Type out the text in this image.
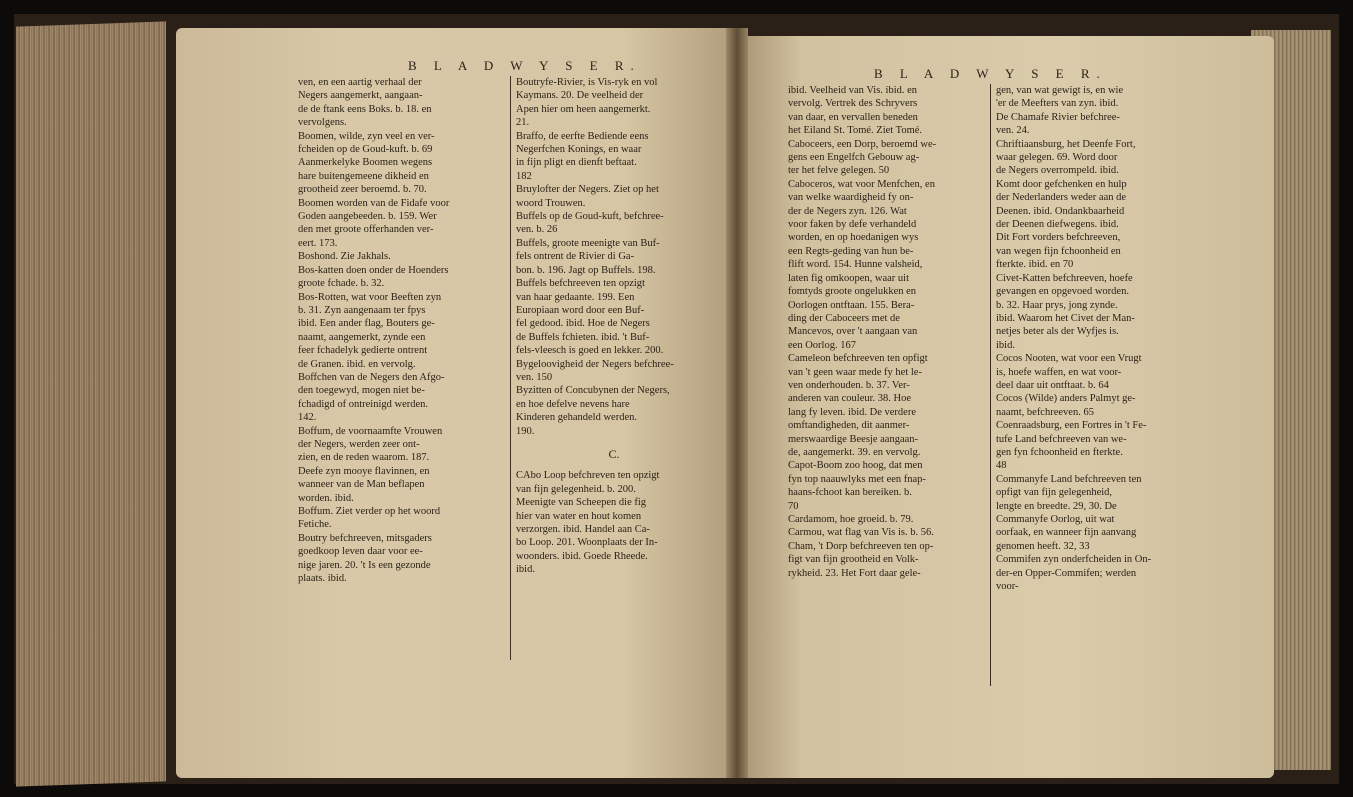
B L A D W Y S E R.
B L A D W Y S E R.

ven, en een aartig verhaal der

Negers aangemerkt, aangaan-

de de ftank eens Boks. b. 18. en

vervolgens.

Boomen, wilde, zyn veel en ver-

fcheiden op de Goud-kuft. b. 69

Aanmerkelyke Boomen wegens

hare buitengemeene dikheid en

grootheid zeer beroemd. b. 70.

Boomen worden van de Fidafe voor

Goden aangebeeden. b. 159. Wer

den met groote offerhanden ver-

eert. 173.

Boshond. Zie Jakhals.

Bos-katten doen onder de Hoenders

groote fchade. b. 32.

Bos-Rotten, wat voor Beeften zyn

b. 31. Zyn aangenaam ter fpys

ibid. Een ander flag, Bouters ge-

naamt, aangemerkt, zynde een

feer fchadelyk gedierte ontrent

de Granen. ibid. en vervolg.

Boffchen van de Negers den Afgo-

den toegewyd, mogen niet be-

fchadigd of ontreinigd werden.

142.

Boffum, de voornaamfte Vrouwen

der Negers, werden zeer ont-

zien, en de reden waarom. 187.

Deefe zyn mooye flavinnen, en

wanneer van de Man beflapen

worden. ibid.

Boffum. Ziet verder op het woord

Fetiche.

Boutry befchreeven, mitsgaders

goedkoop leven daar voor ee-

nige jaren. 20. 't Is een gezonde

plaats. ibid.

Boutryfe-Rivier, is Vis-ryk en vol

Kaymans. 20. De veelheid der

Apen hier om heen aangemerkt.

21.

Braffo, de eerfte Bediende eens

Negerfchen Konings, en waar

in fijn pligt en dienft beftaat.

182

Bruylofter der Negers. Ziet op het

woord Trouwen.

Buffels op de Goud-kuft, befchree-

ven. b. 26

Buffels, groote meenigte van Buf-

fels ontrent de Rivier di Ga-

bon. b. 196. Jagt op Buffels. 198.

Buffels befchreeven ten opzigt

van haar gedaante. 199. Een

Europiaan word door een Buf-

fel gedood. ibid. Hoe de Negers

de Buffels fchieten. ibid. 't Buf-

fels-vleesch is goed en lekker. 200.

Bygeloovigheid der Negers befchree-

ven. 150

Byzitten of Concubynen der Negers,

en hoe defelve nevens hare

Kinderen gehandeld werden.

190.

C.

CAbo Loop befchreven ten opzigt

van fijn gelegenheid. b. 200.

Meenigte van Scheepen die fig

hier van water en hout komen

verzorgen. ibid. Handel aan Ca-

bo Loop. 201. Woonplaats der In-

woonders. ibid. Goede Rheede.

ibid.

ibid. Veelheid van Vis. ibid. en

vervolg. Vertrek des Schryvers

van daar, en vervallen beneden

het Eiland St. Tomé. Ziet Tomé.

Caboceers, een Dorp, beroemd we-

gens een Engelfch Gebouw ag-

ter het felve gelegen. 50

Caboceros, wat voor Menfchen, en

van welke waardigheid fy on-

der de Negers zyn. 126. Wat

voor faken by defe verhandeld

worden, en op hoedanigen wys

een Regts-geding van hun be-

flift word. 154. Hunne valsheid,

laten fig omkoopen, waar uit

fomtyds groote ongelukken en

Oorlogen ontftaan. 155. Bera-

ding der Caboceers met de

Mancevos, over 't aangaan van

een Oorlog. 167

Cameleon befchreeven ten opfigt

van 't geen waar mede fy het le-

ven onderhouden. b. 37. Ver-

anderen van couleur. 38. Hoe

lang fy leven. ibid. De verdere

omftandigheden, dit aanmer-

merswaardige Beesje aangaan-

de, aangemerkt. 39. en vervolg.

Capot-Boom zoo hoog, dat men

fyn top naauwlyks met een fnap-

haans-fchoot kan bereiken. b.

70

Cardamom, hoe groeid. b. 79.

Carmou, wat flag van Vis is. b. 56.

Cham, 't Dorp befchreeven ten op-

figt van fijn grootheid en Volk-

rykheid. 23. Het Fort daar gele-

gen, van wat gewigt is, en wie

'er de Meefters van zyn. ibid.

De Chamafe Rivier befchree-

ven. 24.

Chriftiaansburg, het Deenfe Fort,

waar gelegen. 69. Word door

de Negers overrompeld. ibid.

Komt door gefchenken en hulp

der Nederlanders weder aan de

Deenen. ibid. Ondankbaarheid

der Deenen diefwegens. ibid.

Dit Fort vorders befchreeven,

van wegen fijn fchoonheid en

fterkte. ibid. en 70

Civet-Katten befchreeven, hoefe

gevangen en opgevoed worden.

b. 32. Haar prys, jong zynde.

ibid. Waarom het Civet der Man-

netjes beter als der Wyfjes is.

ibid.

Cocos Nooten, wat voor een Vrugt

is, hoefe waffen, en wat voor-

deel daar uit ontftaat. b. 64

Cocos (Wilde) anders Palmyt ge-

naamt, befchreeven. 65

Coenraadsburg, een Fortres in 't Fe-

tufe Land befchreeven van we-

gen fyn fchoonheid en fterkte.

48

Commanyfe Land befchreeven ten

opfigt van fijn gelegenheid,

lengte en breedte. 29, 30. De

Commanyfe Oorlog, uit wat

oorfaak, en wanneer fijn aanvang

genomen heeft. 32, 33

Commifen zyn onderfcheiden in On-

der-en Opper-Commifen; werden

voor-
